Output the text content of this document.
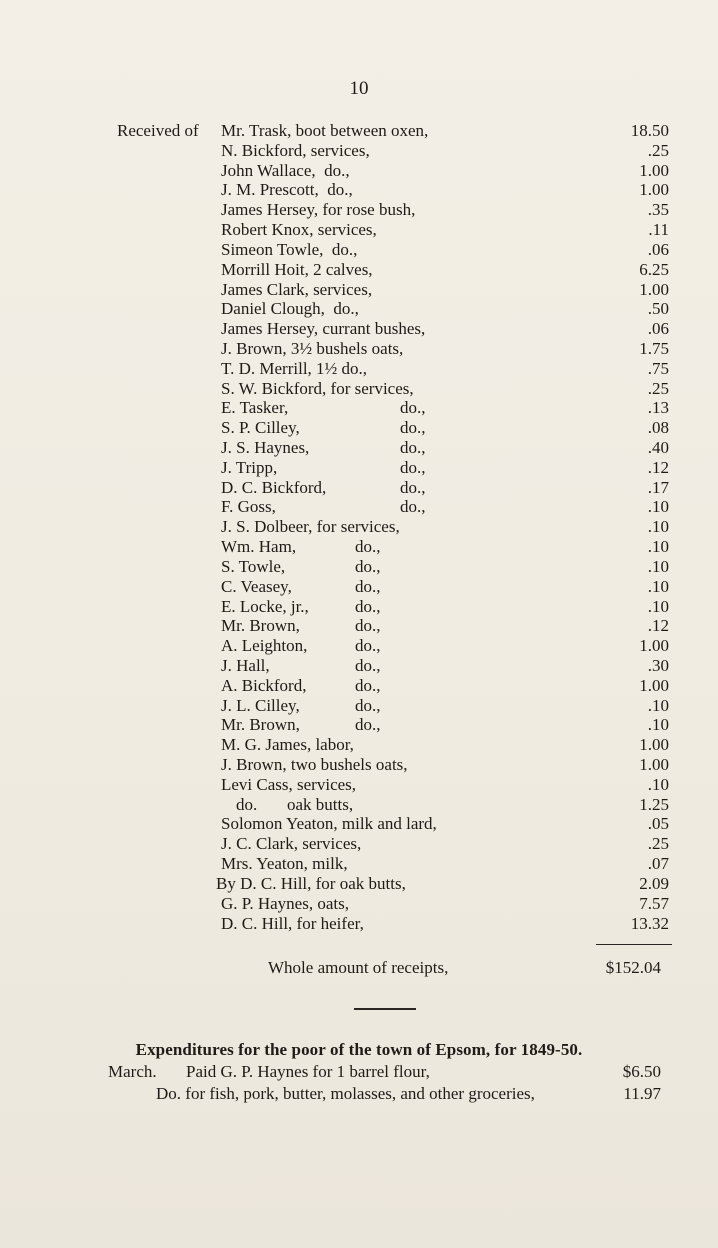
10
Received of Mr. Trask, boot between oxen,	18.50
N. Bickford, services,	.25
John Wallace,  do.,	1.00
J. M. Prescott,  do.,	1.00
James Hersey, for rose bush,	.35
Robert Knox, services,	.11
Simeon Towle,  do.,	.06
Morrill Hoit, 2 calves,	6.25
James Clark, services,	1.00
Daniel Clough,  do.,	.50
James Hersey, currant bushes,	.06
J. Brown, 3½ bushels oats,	1.75
T. D. Merrill, 1½ do.,	.75
S. W. Bickford, for services,	.25
E. Tasker,	do.,	.13
S. P. Cilley,	do.,	.08
J. S. Haynes,	do.,	.40
J. Tripp,	do.,	.12
D. C. Bickford,	do.,	.17
F. Goss,	do.,	.10
J. S. Dolbeer, for services,	.10
Wm. Ham,	do.,	.10
S. Towle,	do.,	.10
C. Veasey,	do.,	.10
E. Locke, jr.,	do.,	.10
Mr. Brown,	do.,	.12
A. Leighton,	do.,	1.00
J. Hall,	do.,	.30
A. Bickford,	do.,	1.00
J. L. Cilley,	do.,	.10
Mr. Brown,	do.,	.10
M. G. James, labor,	1.00
J. Brown, two bushels oats,	1.00
Levi Cass, services,	.10
do.       oak butts,	1.25
Solomon Yeaton, milk and lard,	.05
J. C. Clark, services,	.25
Mrs. Yeaton, milk,	.07
By D. C. Hill, for oak butts,	2.09
G. P. Haynes, oats,	7.57
D. C. Hill, for heifer,	13.32
Whole amount of receipts,	$152.04
Expenditures for the poor of the town of Epsom, for 1849-50.
March. Paid G. P. Haynes for 1 barrel flour,	$6.50
Do. for fish, pork, butter, molasses, and other groceries,	11.97
